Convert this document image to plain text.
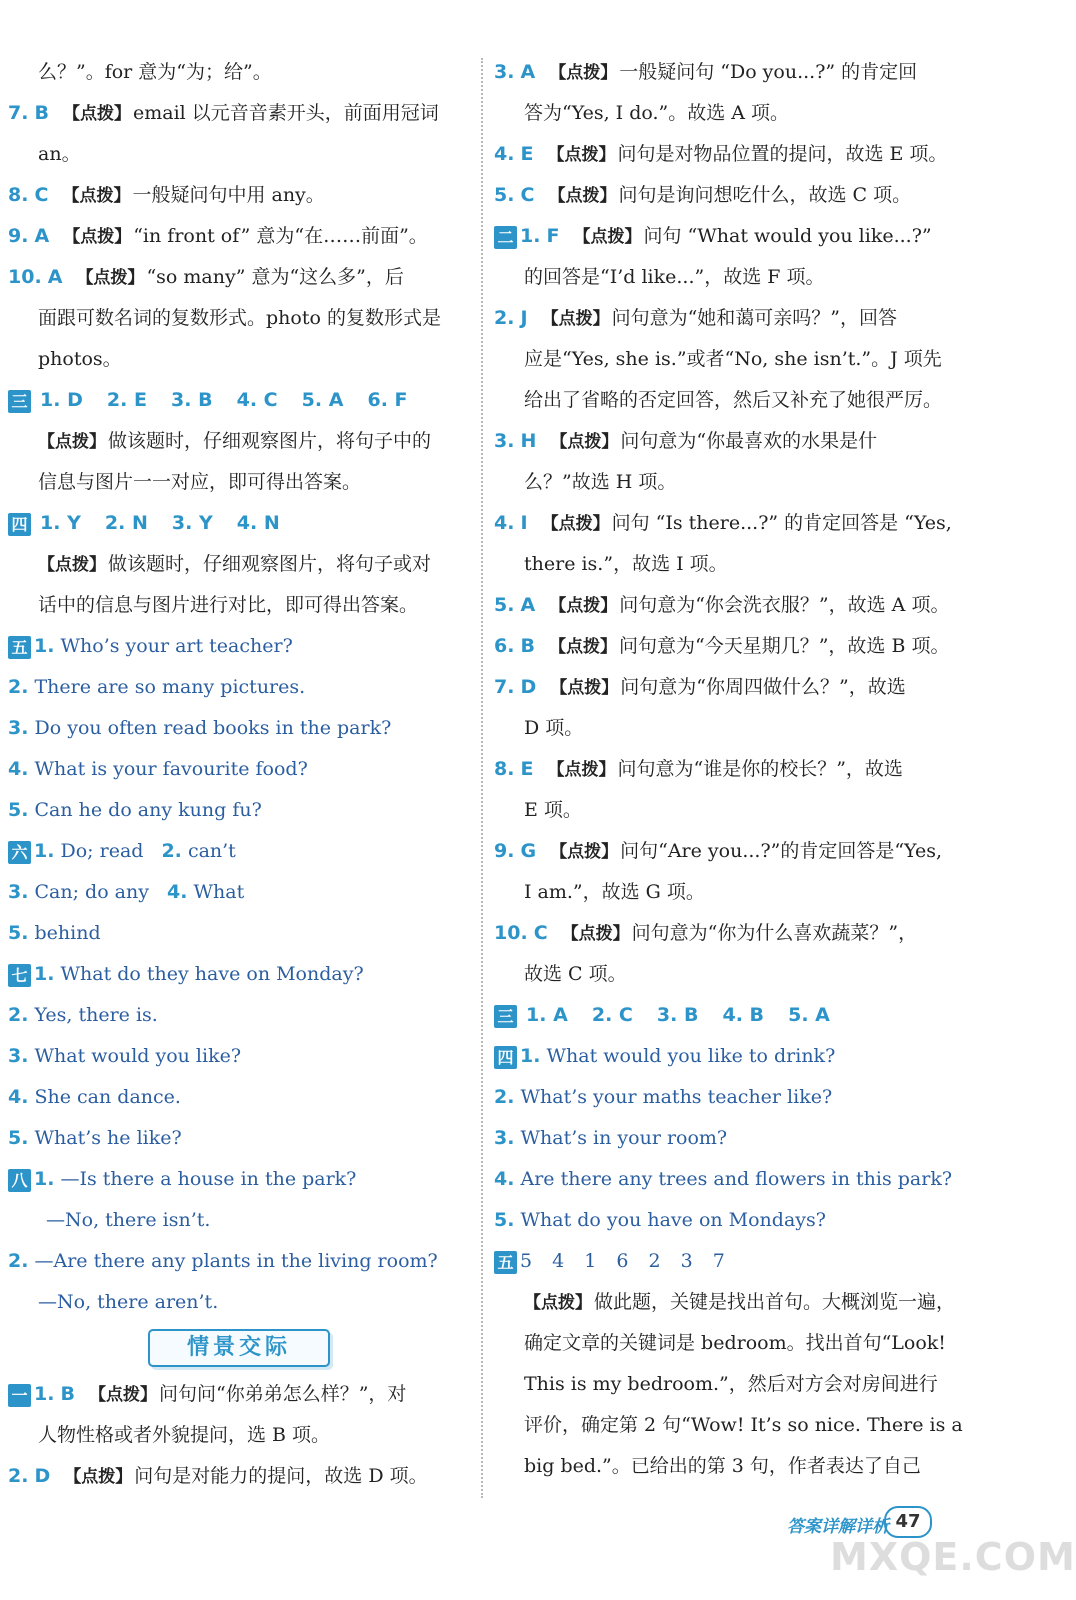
么？”。for 意为“为；给”。
7. B 【点拨】 email 以元音音素开头，前面用冠词
an。
8. C 【点拨】 一般疑问句中用 any。
9. A 【点拨】 “in front of” 意为“在……前面”。
10. A 【点拨】 “so many” 意为“这么多”，后
面跟可数名词的复数形式。photo 的复数形式是
photos。
三 1. D 2. E 3. B 4. C 5. A 6. F
【点拨】 做该题时，仔细观察图片，将句子中的
信息与图片一一对应，即可得出答案。
四 1. Y 2. N 3. Y 4. N
【点拨】 做该题时，仔细观察图片，将句子或对
话中的信息与图片进行对比，即可得出答案。
五 1. Who’s your art teacher?
2. There are so many pictures.
3. Do you often read books in the park?
4. What is your favourite food?
5. Can he do any kung fu?
六 1. Do; read 2. can’t
3. Can; do any 4. What
5. behind
七 1. What do they have on Monday?
2. Yes, there is.
3. What would you like?
4. She can dance.
5. What’s he like?
八 1. —Is there a house in the park?
—No, there isn’t.
2. —Are there any plants in the living room?
—No, there aren’t.
情景交际
一 1. B 【点拨】 问句问“你弟弟怎么样？”，对
人物性格或者外貌提问，选 B 项。
2. D 【点拨】 问句是对能力的提问，故选 D 项。
3. A 【点拨】 一般疑问句 “Do you...?” 的肯定回
答为“Yes, I do.”。故选 A 项。
4. E 【点拨】 问句是对物品位置的提问，故选 E 项。
5. C 【点拨】 问句是询问想吃什么，故选 C 项。
二 1. F 【点拨】 问句 “What would you like...?”
的回答是“I’d like...”，故选 F 项。
2. J 【点拨】 问句意为“她和蔼可亲吗？”，回答
应是“Yes, she is.”或者“No, she isn’t.”。J 项先
给出了省略的否定回答，然后又补充了她很严厉。
3. H 【点拨】 问句意为“你最喜欢的水果是什
么？”故选 H 项。
4. I 【点拨】 问句 “Is there...?” 的肯定回答是 “Yes,
there is.”，故选 I 项。
5. A 【点拨】 问句意为“你会洗衣服？”，故选 A 项。
6. B 【点拨】 问句意为“今天星期几？”，故选 B 项。
7. D 【点拨】 问句意为“你周四做什么？”，故选
D 项。
8. E 【点拨】 问句意为“谁是你的校长？”，故选
E 项。
9. G 【点拨】 问句“Are you...?”的肯定回答是“Yes,
I am.”，故选 G 项。
10. C 【点拨】 问句意为“你为什么喜欢蔬菜？”，
故选 C 项。
三 1. A 2. C 3. B 4. B 5. A
四 1. What would you like to drink?
2. What’s your maths teacher like?
3. What’s in your room?
4. Are there any trees and flowers in this park?
5. What do you have on Mondays?
五 5 4 1 6 2 3 7
【点拨】 做此题，关键是找出首句。大概浏览一遍，
确定文章的关键词是 bedroom。找出首句“Look!
This is my bedroom.”，然后对方会对房间进行
评价，确定第 2 句“Wow! It’s so nice. There is a
big bed.”。已给出的第 3 句，作者表达了自己
答案详解详析 47
MXQE.COM
